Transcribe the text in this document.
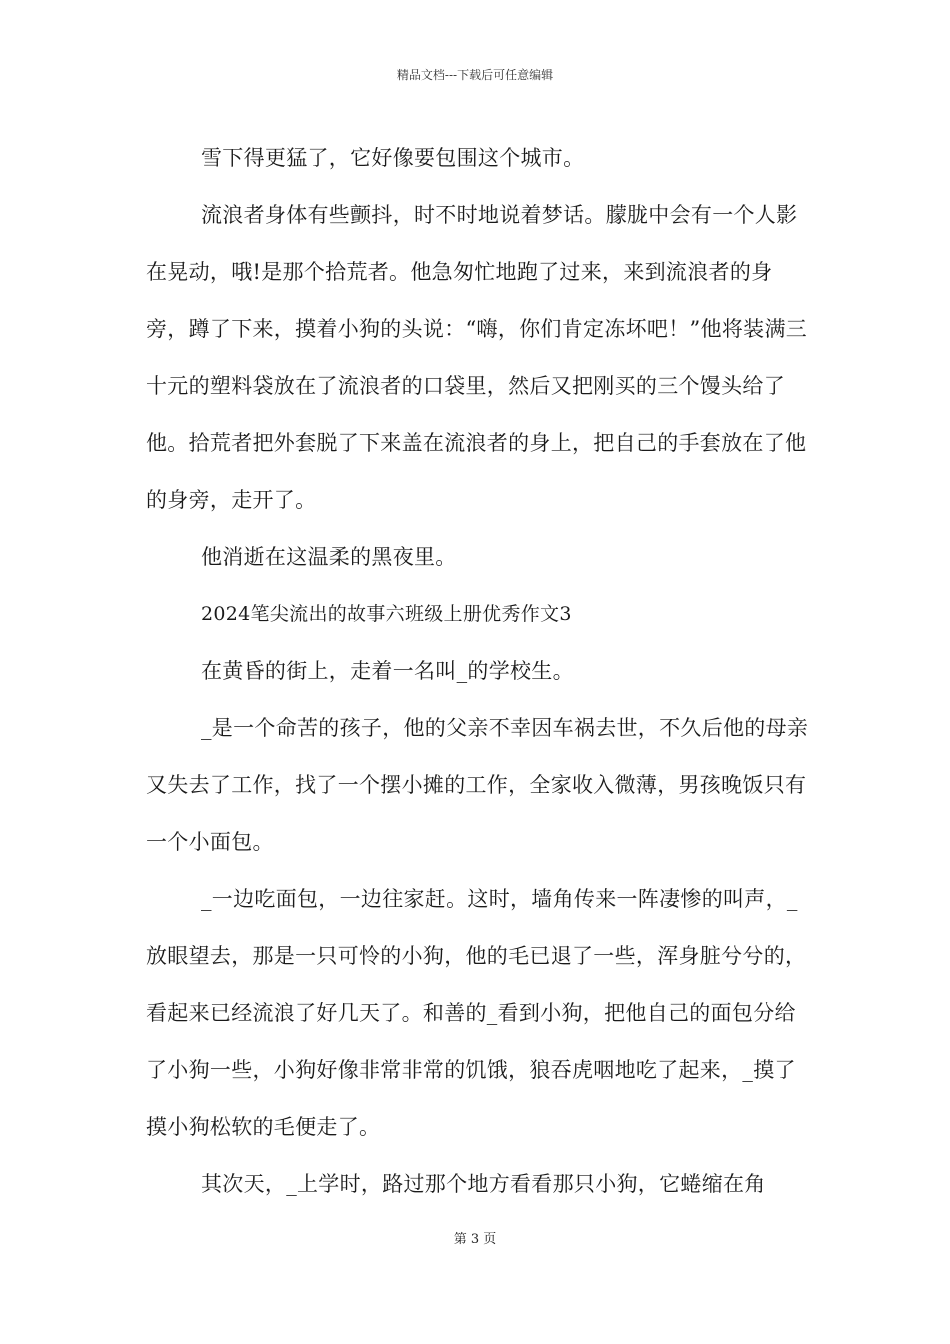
精品文档---下载后可任意编辑

雪下得更猛了，它好像要包围这个城市。

流浪者身体有些颤抖，时不时地说着梦话。朦胧中会有一个人影在晃动，哦!是那个拾荒者。他急匆忙地跑了过来，来到流浪者的身旁，蹲了下来，摸着小狗的头说：“嗨，你们肯定冻坏吧！”他将装满三十元的塑料袋放在了流浪者的口袋里，然后又把刚买的三个馒头给了他。拾荒者把外套脱了下来盖在流浪者的身上，把自己的手套放在了他的身旁，走开了。

他消逝在这温柔的黑夜里。

2024笔尖流出的故事六班级上册优秀作文3

在黄昏的街上，走着一名叫_的学校生。

_是一个命苦的孩子，他的父亲不幸因车祸去世，不久后他的母亲又失去了工作，找了一个摆小摊的工作，全家收入微薄，男孩晚饭只有一个小面包。

_一边吃面包，一边往家赶。这时，墙角传来一阵凄惨的叫声，_放眼望去，那是一只可怜的小狗，他的毛已退了一些，浑身脏兮兮的，看起来已经流浪了好几天了。和善的_看到小狗，把他自己的面包分给了小狗一些，小狗好像非常非常的饥饿，狼吞虎咽地吃了起来，_摸了摸小狗松软的毛便走了。

其次天，_上学时，路过那个地方看看那只小狗，它蜷缩在角

第 3 页
